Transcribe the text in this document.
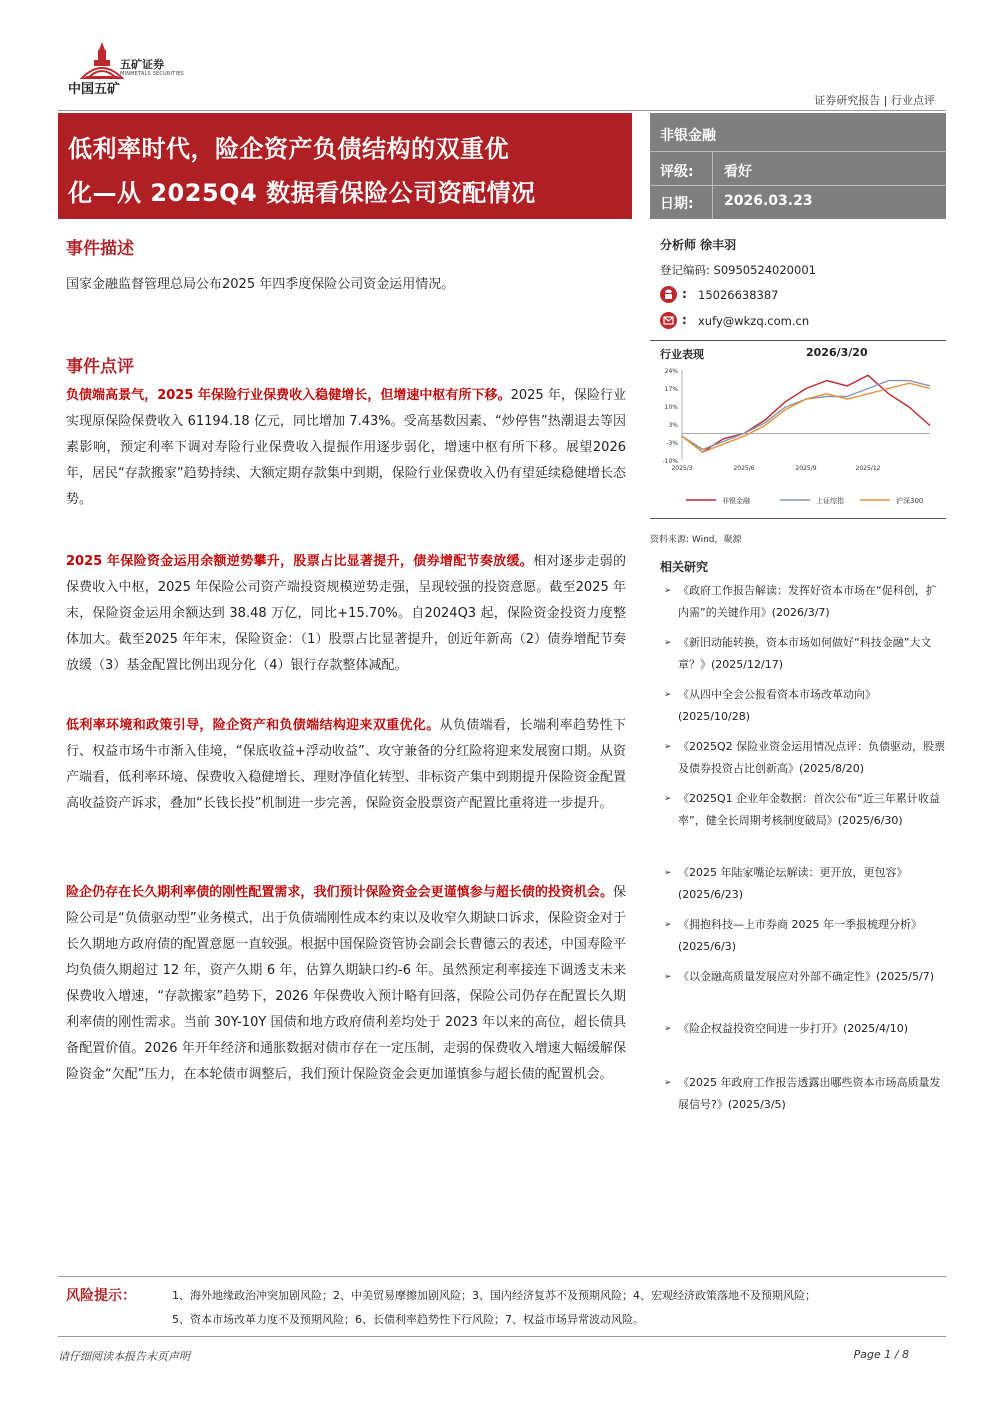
中国五矿
五矿证券
MINMETALS SECURITIES
证券研究报告 | 行业点评
低利率时代，险企资产负债结构的双重优
化—从 2025Q4 数据看保险公司资配情况
非银金融
评级: 看好
日期: 2026.03.23
事件描述
国家金融监督管理总局公布2025 年四季度保险公司资金运用情况。
事件点评
负债端高景气，2025 年保险行业保费收入稳健增长，但增速中枢有所下移。2025 年，保险行业实现原保险保费收入 61194.18 亿元，同比增加 7.43%。受高基数因素、“炒停售”热潮退去等因素影响，预定利率下调对寿险行业保费收入提振作用逐步弱化，增速中枢有所下移。展望2026 年，居民“存款搬家”趋势持续、大额定期存款集中到期，保险行业保费收入仍有望延续稳健增长态势。
2025 年保险资金运用余额逆势攀升，股票占比显著提升，债券增配节奏放缓。相对逐步走弱的保费收入中枢，2025 年保险公司资产端投资规模逆势走强，呈现较强的投资意愿。截至2025 年末，保险资金运用余额达到 38.48 万亿，同比+15.70%。自2024Q3 起，保险资金投资力度整体加大。截至2025 年年末，保险资金：（1）股票占比显著提升，创近年新高（2）债券增配节奏放缓（3）基金配置比例出现分化（4）银行存款整体减配。
低利率环境和政策引导，险企资产和负债端结构迎来双重优化。从负债端看，长端利率趋势性下行、权益市场牛市渐入佳境，“保底收益+浮动收益”、攻守兼备的分红险将迎来发展窗口期。从资产端看，低利率环境、保费收入稳健增长、理财净值化转型、非标资产集中到期提升保险资金配置高收益资产诉求，叠加“长钱长投”机制进一步完善，保险资金股票资产配置比重将进一步提升。
险企仍存在长久期利率债的刚性配置需求，我们预计保险资金会更谨慎参与超长债的投资机会。保险公司是“负债驱动型”业务模式，出于负债端刚性成本约束以及收窄久期缺口诉求，保险资金对于长久期地方政府债的配置意愿一直较强。根据中国保险资管协会副会长曹德云的表述，中国寿险平均负债久期超过 12 年，资产久期 6 年，估算久期缺口约-6 年。虽然预定利率接连下调透支未来保费收入增速，“存款搬家”趋势下，2026 年保费收入预计略有回落，保险公司仍存在配置长久期利率债的刚性需求。当前 30Y-10Y 国债和地方政府债利差均处于 2023 年以来的高位，超长债具备配置价值。2026 年开年经济和通胀数据对债市存在一定压制，走弱的保费收入增速大幅缓解保险资金“欠配”压力，在本轮债市调整后，我们预计保险资金会更加谨慎参与超长债的配置机会。
分析师 徐丰羽
登记编码: S0950524020001
: 15026638387
: xufy@wkzq.com.cn
行业表现	2026/3/20
24%
17%
10%
3%
-3%
-10%
2025/3	2025/6	2025/9	2025/12
非银金融	上证综指	沪深300
资料来源: Wind，聚源
相关研究
➢ 《政府工作报告解读：发挥好资本市场在“促科创，扩内需”的关键作用》(2026/3/7)
➢ 《新旧动能转换，资本市场如何做好“科技金融”大文章？》(2025/12/17)
➢ 《从四中全会公报看资本市场改革动向》(2025/10/28)
➢ 《2025Q2 保险业资金运用情况点评：负债驱动，股票及债券投资占比创新高》(2025/8/20)
➢ 《2025Q1 企业年金数据：首次公布“近三年累计收益率”，健全长周期考核制度破局》(2025/6/30)
➢ 《2025 年陆家嘴论坛解读：更开放，更包容》(2025/6/23)
➢ 《拥抱科技—上市券商 2025 年一季报梳理分析》(2025/6/3)
➢ 《以金融高质量发展应对外部不确定性》(2025/5/7)
➢ 《险企权益投资空间进一步打开》(2025/4/10)
➢ 《2025 年政府工作报告透露出哪些资本市场高质量发展信号?》(2025/3/5)
风险提示：	1、海外地缘政治冲突加剧风险；2、中美贸易摩擦加剧风险；3、国内经济复苏不及预期风险；4、宏观经济政策落地不及预期风险；
5、资本市场改革力度不及预期风险；6、长债利率趋势性下行风险；7、权益市场异常波动风险。
请仔细阅读本报告末页声明	Page 1 / 8
